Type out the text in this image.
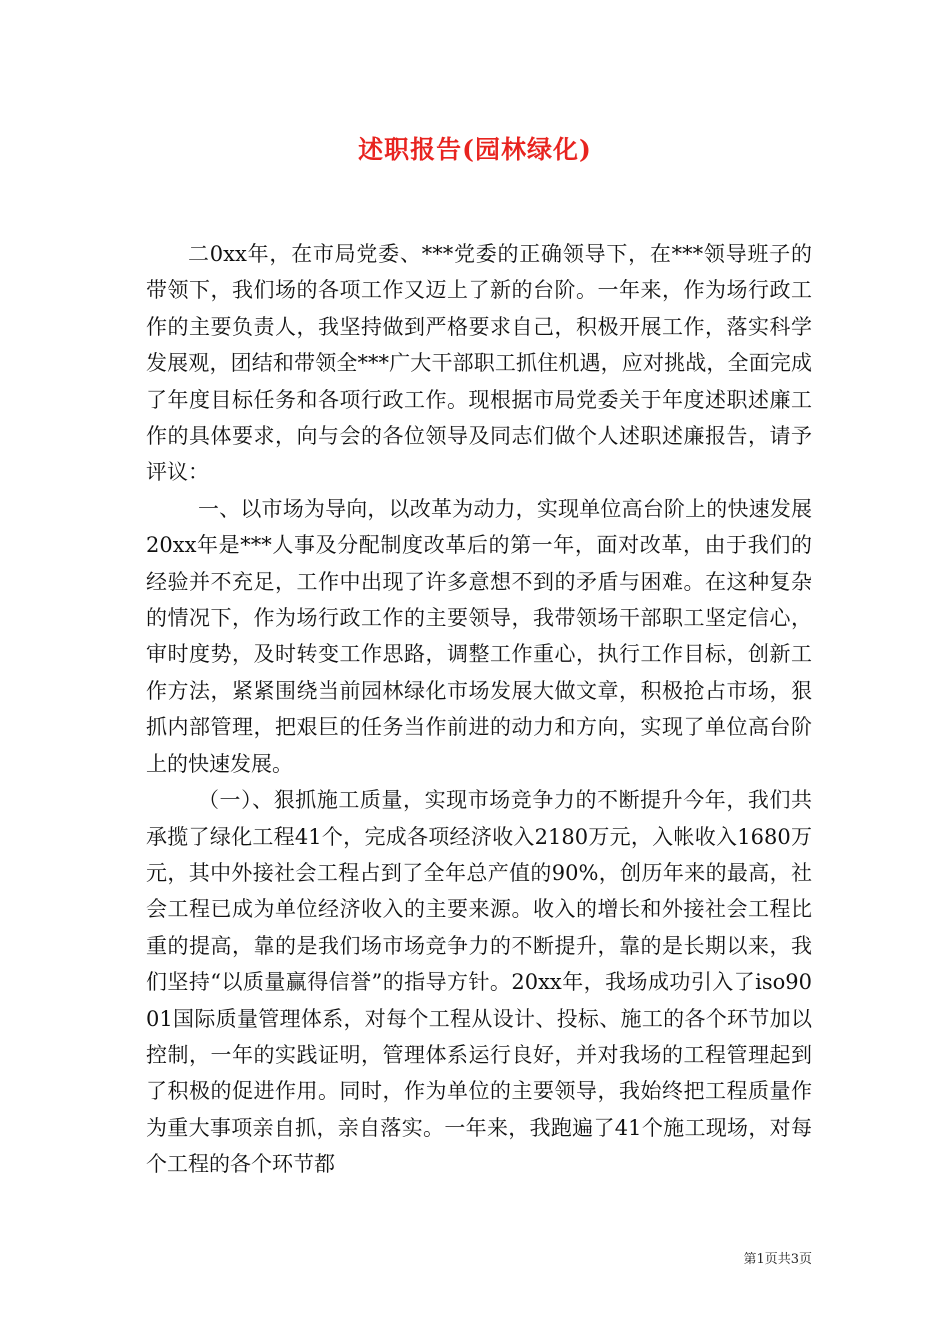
述职报告(园林绿化)

二0xx年，在市局党委、***党委的正确领导下，在***领导班子的带领下，我们场的各项工作又迈上了新的台阶。一年来，作为场行政工作的主要负责人，我坚持做到严格要求自己，积极开展工作，落实科学发展观，团结和带领全***广大干部职工抓住机遇，应对挑战，全面完成了年度目标任务和各项行政工作。现根据市局党委关于年度述职述廉工作的具体要求，向与会的各位领导及同志们做个人述职述廉报告，请予评议：

一、以市场为导向，以改革为动力，实现单位高台阶上的快速发展20xx年是***人事及分配制度改革后的第一年，面对改革，由于我们的经验并不充足，工作中出现了许多意想不到的矛盾与困难。在这种复杂的情况下，作为场行政工作的主要领导，我带领场干部职工坚定信心，审时度势，及时转变工作思路，调整工作重心，执行工作目标，创新工作方法，紧紧围绕当前园林绿化市场发展大做文章，积极抢占市场，狠抓内部管理，把艰巨的任务当作前进的动力和方向，实现了单位高台阶上的快速发展。

（一）、狠抓施工质量，实现市场竞争力的不断提升今年，我们共承揽了绿化工程41个，完成各项经济收入2180万元，入帐收入1680万元，其中外接社会工程占到了全年总产值的90%，创历年来的最高，社会工程已成为单位经济收入的主要来源。收入的增长和外接社会工程比重的提高，靠的是我们场市场竞争力的不断提升，靠的是长期以来，我们坚持“以质量赢得信誉”的指导方针。20xx年，我场成功引入了iso9001国际质量管理体系，对每个工程从设计、投标、施工的各个环节加以控制，一年的实践证明，管理体系运行良好，并对我场的工程管理起到了积极的促进作用。同时，作为单位的主要领导，我始终把工程质量作为重大事项亲自抓，亲自落实。一年来，我跑遍了41个施工现场，对每个工程的各个环节都

第1页共3页
